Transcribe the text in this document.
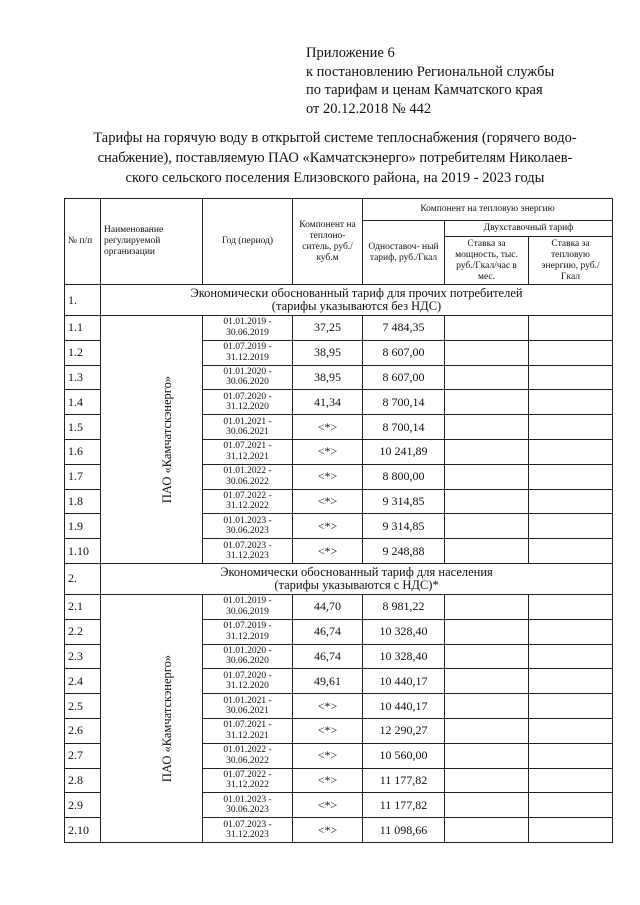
Приложение 6
к постановлению Региональной службы
по тарифам и ценам Камчатского края
от 20.12.2018 № 442
Тарифы на горячую воду в открытой системе теплоснабжения (горячего водо-
снабжение), поставляемую ПАО «Камчатскэнерго» потребителям Николаев-
ского сельского поселения Елизовского района, на 2019 - 2023 годы
№ п/п	Наименование регулируемой организации	Год (период)	Компонент на теплоно- ситель, руб./куб.м	Компонент на тепловую энергию		
				Одноставоч- ный тариф, руб./Гкал	Двухставочный тариф	
					Ставка за мощность, тыс. руб./Гкал/час в мес.	Ставка за тепловую энергию, руб./Гкал
1.	Экономически обоснованный тариф для прочих потребителей
(тарифы указываются без НДС)					

1.1	ПАО «Камчатскэнерго»	01.01.2019 -
30.06.2019	37,25	7 484,35		
1.2		01.07.2019 -
31.12.2019	38,95	8 607,00		
1.3		01.01.2020 -
30.06.2020	38,95	8 607,00		
1.4		01.07.2020 -
31.12.2020	41,34	8 700,14		
1.5		01.01.2021 -
30.06.2021	<*>	8 700,14		
1.6		01.07.2021 -
31.12.2021	<*>	10 241,89		
1.7		01.01.2022 -
30.06.2022	<*>	8 800,00		
1.8		01.07.2022 -
31.12.2022	<*>	9 314,85		
1.9		01.01.2023 -
30.06.2023	<*>	9 314,85		
1.10		01.07.2023 -
31.12.2023	<*>	9 248,88		
2.	Экономически обоснованный тариф для населения
(тарифы указываются с НДС)*					

2.1	ПАО «Камчатскэнерго»	01.01.2019 -
30.06.2019	44,70	8 981,22		
2.2		01.07.2019 -
31.12.2019	46,74	10 328,40		
2.3		01.01.2020 -
30.06.2020	46,74	10 328,40		
2.4		01.07.2020 -
31.12.2020	49,61	10 440,17		
2.5		01.01.2021 -
30.06.2021	<*>	10 440,17		
2.6		01.07.2021 -
31.12.2021	<*>	12 290,27		
2.7		01.01.2022 -
30.06.2022	<*>	10 560,00		
2.8		01.07.2022 -
31.12.2022	<*>	11 177,82		
2.9		01.01.2023 -
30.06.2023	<*>	11 177,82		
2.10		01.07.2023 -
31.12.2023	<*>	11 098,66		
